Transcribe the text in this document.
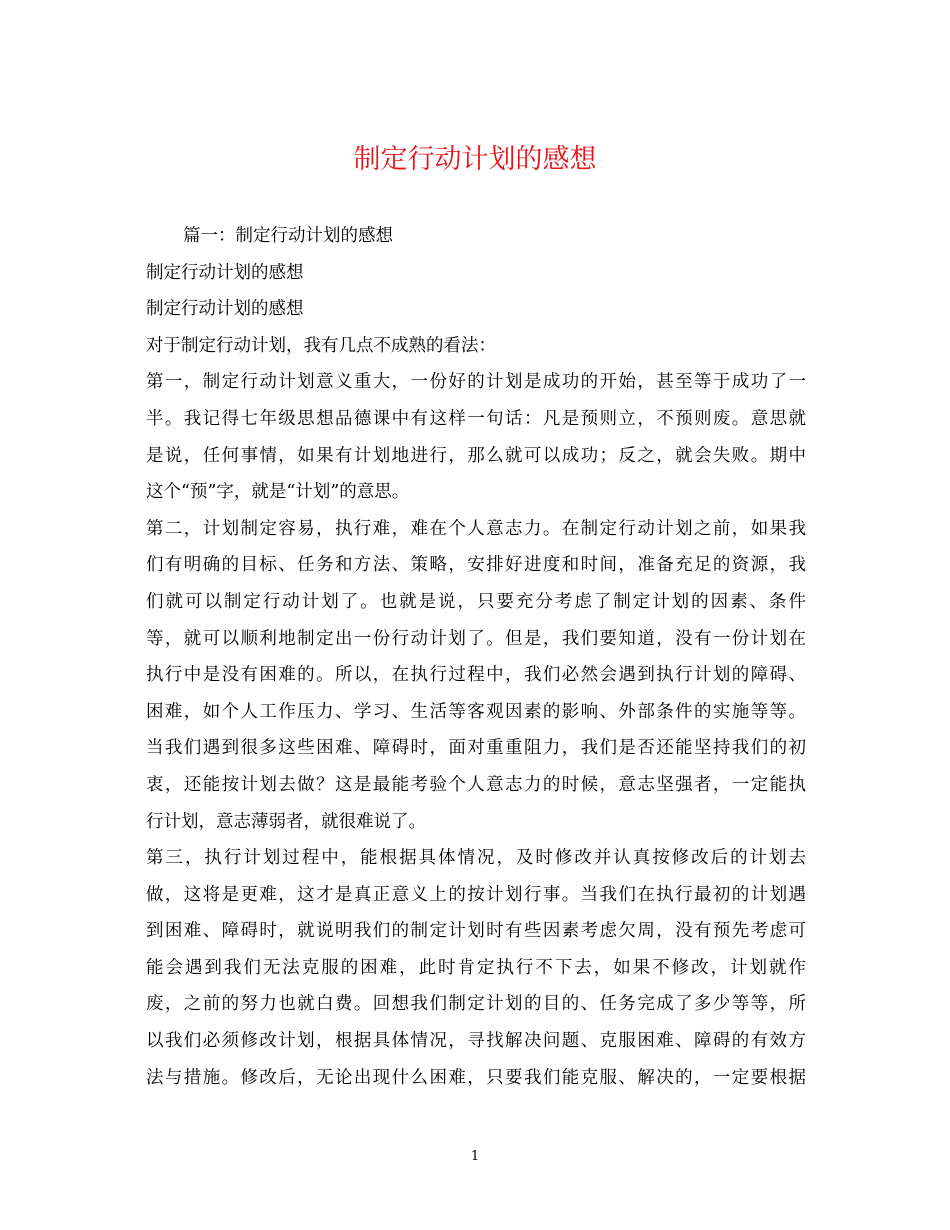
制定行动计划的感想
篇一：制定行动计划的感想
制定行动计划的感想
制定行动计划的感想
对于制定行动计划，我有几点不成熟的看法：
第一，制定行动计划意义重大，一份好的计划是成功的开始，甚至等于成功了一
半。我记得七年级思想品德课中有这样一句话：凡是预则立，不预则废。意思就
是说，任何事情，如果有计划地进行，那么就可以成功；反之，就会失败。期中
这个“预”字，就是“计划”的意思。
第二，计划制定容易，执行难，难在个人意志力。在制定行动计划之前，如果我
们有明确的目标、任务和方法、策略，安排好进度和时间，准备充足的资源，我
们就可以制定行动计划了。也就是说，只要充分考虑了制定计划的因素、条件
等，就可以顺利地制定出一份行动计划了。但是，我们要知道，没有一份计划在
执行中是没有困难的。所以，在执行过程中，我们必然会遇到执行计划的障碍、
困难，如个人工作压力、学习、生活等客观因素的影响、外部条件的实施等等。
当我们遇到很多这些困难、障碍时，面对重重阻力，我们是否还能坚持我们的初
衷，还能按计划去做？这是最能考验个人意志力的时候，意志坚强者，一定能执
行计划，意志薄弱者，就很难说了。
第三，执行计划过程中，能根据具体情况，及时修改并认真按修改后的计划去
做，这将是更难，这才是真正意义上的按计划行事。当我们在执行最初的计划遇
到困难、障碍时，就说明我们的制定计划时有些因素考虑欠周，没有预先考虑可
能会遇到我们无法克服的困难，此时肯定执行不下去，如果不修改，计划就作
废，之前的努力也就白费。回想我们制定计划的目的、任务完成了多少等等，所
以我们必须修改计划，根据具体情况，寻找解决问题、克服困难、障碍的有效方
法与措施。修改后，无论出现什么困难，只要我们能克服、解决的，一定要根据
1
